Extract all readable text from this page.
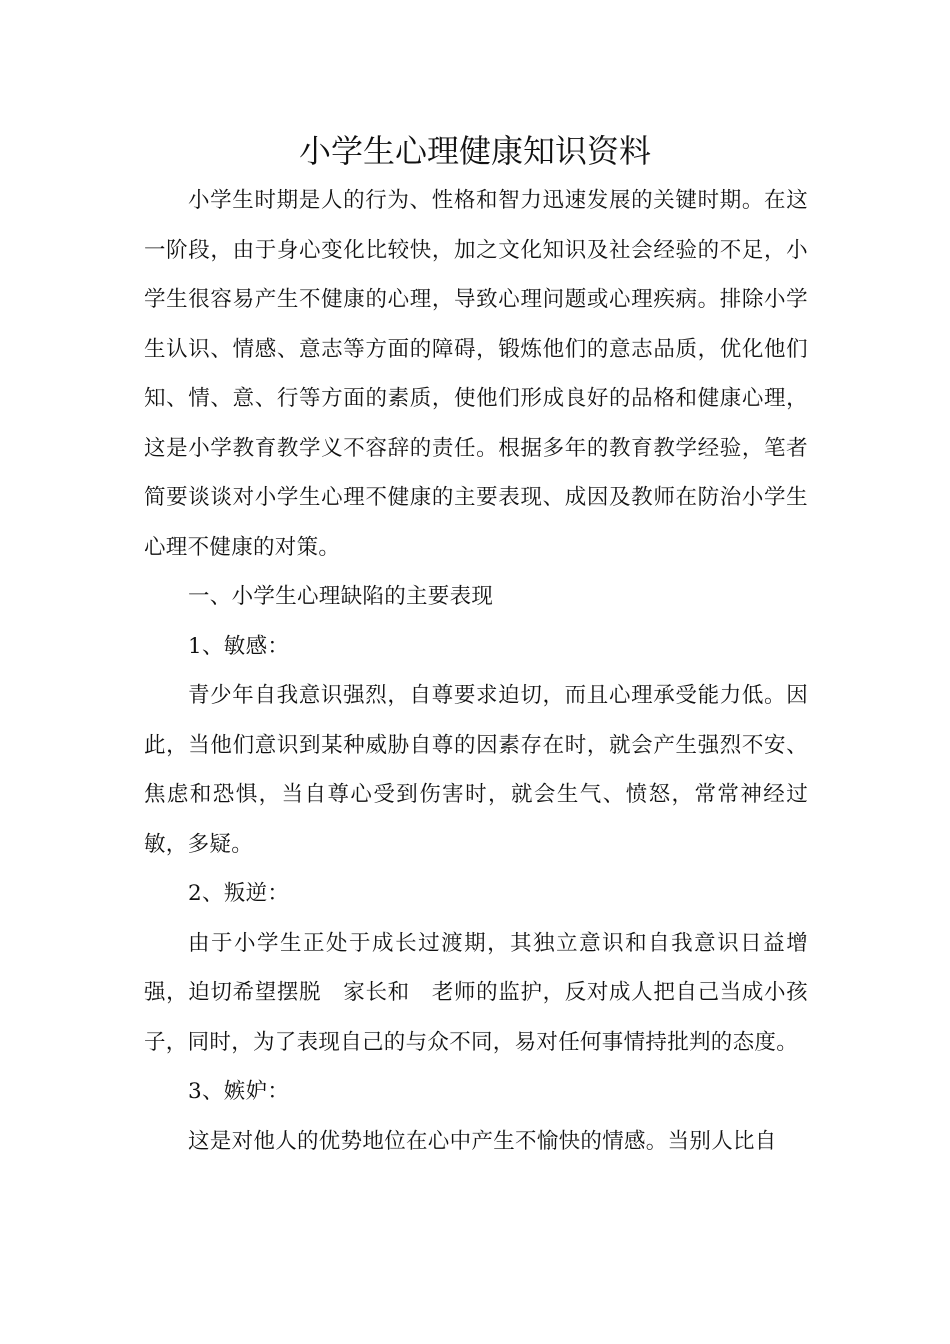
小学生心理健康知识资料

小学生时期是人的行为、性格和智力迅速发展的关键时期。在这一阶段，由于身心变化比较快，加之文化知识及社会经验的不足，小学生很容易产生不健康的心理，导致心理问题或心理疾病。排除小学生认识、情感、意志等方面的障碍，锻炼他们的意志品质，优化他们知、情、意、行等方面的素质，使他们形成良好的品格和健康心理，这是小学教育教学义不容辞的责任。根据多年的教育教学经验，笔者简要谈谈对小学生心理不健康的主要表现、成因及教师在防治小学生心理不健康的对策。

一、小学生心理缺陷的主要表现

1、敏感：

青少年自我意识强烈，自尊要求迫切，而且心理承受能力低。因此，当他们意识到某种威胁自尊的因素存在时，就会产生强烈不安、焦虑和恐惧，当自尊心受到伤害时，就会生气、愤怒，常常神经过敏，多疑。

2、叛逆：

由于小学生正处于成长过渡期，其独立意识和自我意识日益增强，迫切希望摆脱　家长和　老师的监护，反对成人把自己当成小孩子，同时，为了表现自己的与众不同，易对任何事情持批判的态度。

3、嫉妒：

这是对他人的优势地位在心中产生不愉快的情感。当别人比自
